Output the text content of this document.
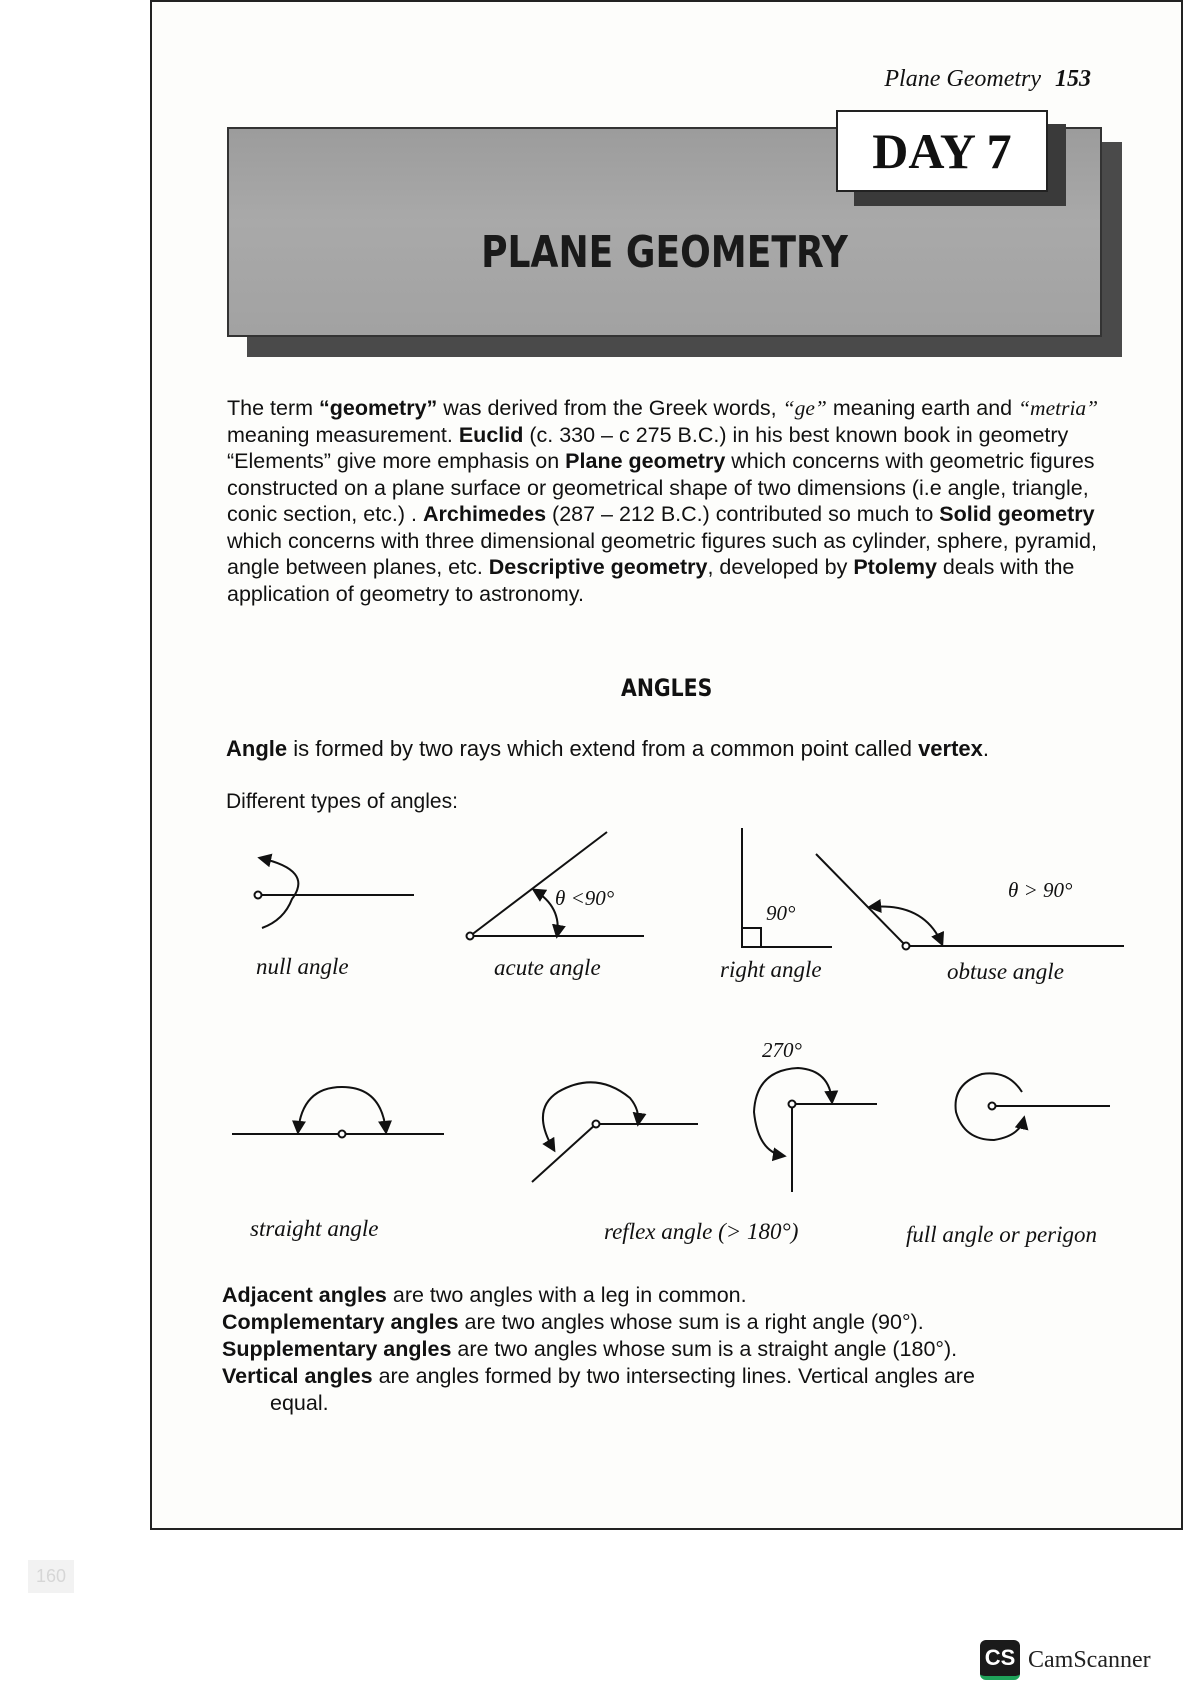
Plane Geometry 153
PLANE GEOMETRY
DAY 7

The term “geometry” was derived from the Greek words, “ge” meaning earth and “metria” meaning measurement. Euclid (c. 330 – c 275 B.C.) in his best known book in geometry “Elements” give more emphasis on Plane geometry which concerns with geometric figures constructed on a plane surface or geometrical shape of two dimensions (i.e angle, triangle, conic section, etc.) . Archimedes (287 – 212 B.C.) contributed so much to Solid geometry which concerns with three dimensional geometric figures such as cylinder, sphere, pyramid, angle between planes, etc. Descriptive geometry, developed by Ptolemy deals with the application of geometry to astronomy.

ANGLES

Angle is formed by two rays which extend from a common point called vertex.

Different types of angles:

θ <90°
90°
θ > 90°
270°
null angle	acute angle	right angle	obtuse angle
straight angle	reflex angle (> 180°)	full angle or perigon
Adjacent angles are two angles with a leg in common.
Complementary angles are two angles whose sum is a right angle (90°).
Supplementary angles are two angles whose sum is a straight angle (180°).
Vertical angles are angles formed by two intersecting lines. Vertical angles are
equal.
160
CS CamScanner
